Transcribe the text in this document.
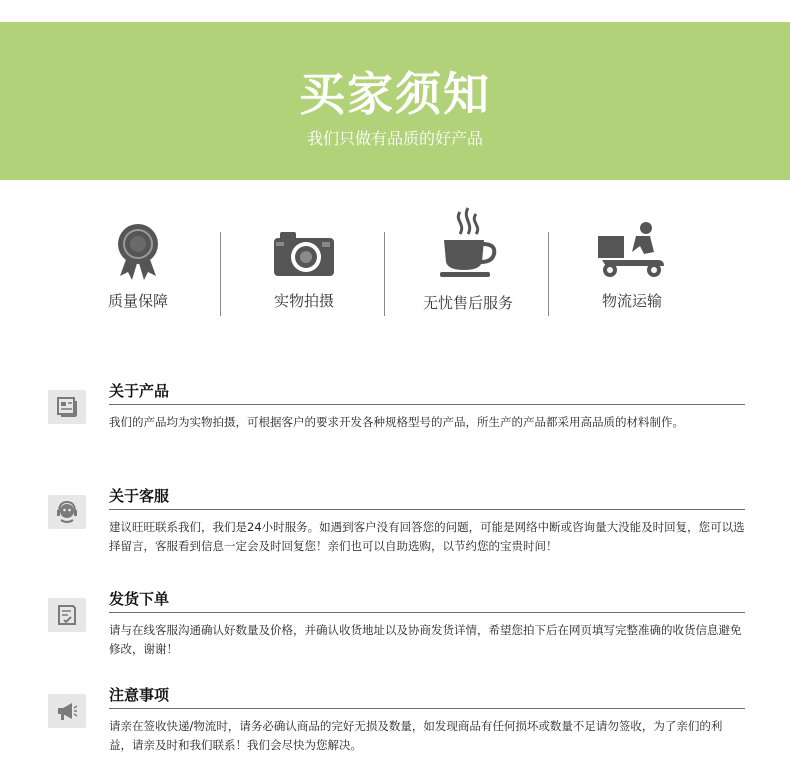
买家须知
我们只做有品质的好产品
质量保障	实物拍摄	无忧售后服务	物流运输
关于产品
我们的产品均为实物拍摄，可根据客户的要求开发各种规格型号的产品，所生产的产品都采用高品质的材料制作。
关于客服
建议旺旺联系我们，我们是24小时服务。如遇到客户没有回答您的问题，可能是网络中断或咨询量大没能及时回复，您可以选择留言，客服看到信息一定会及时回复您！亲们也可以自助选购，以节约您的宝贵时间！
发货下单
请与在线客服沟通确认好数量及价格，并确认收货地址以及协商发货详情，希望您拍下后在网页填写完整准确的收货信息避免修改，谢谢！
注意事项
请亲在签收快递/物流时，请务必确认商品的完好无损及数量，如发现商品有任何损坏或数量不足请勿签收，为了亲们的利益，请亲及时和我们联系！我们会尽快为您解决。
